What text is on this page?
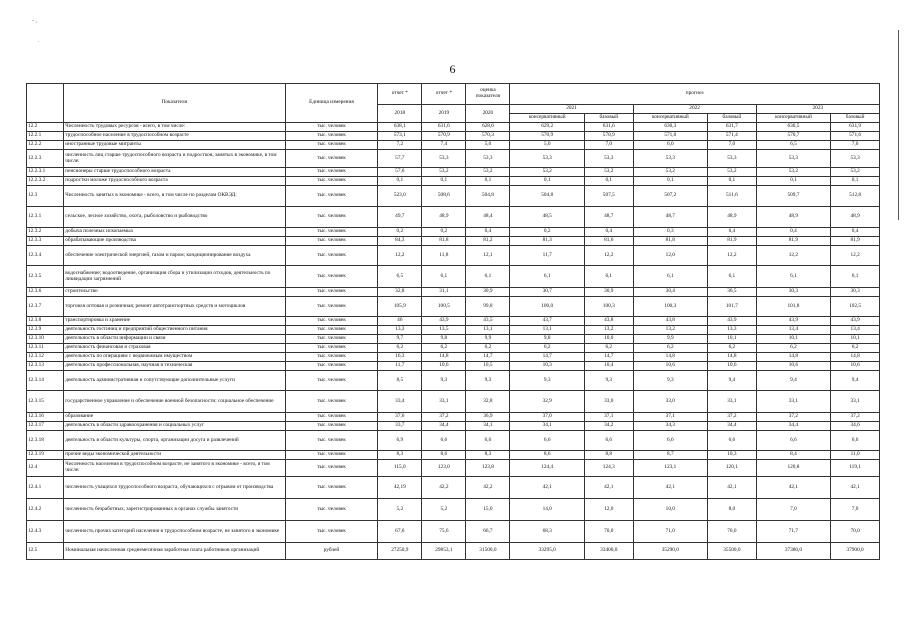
- ,
.
6
	Показатели	Единица измерения	отчет *	отчет *	оценка показателя	прогноз					
			2018	2019	2020	2021		2022		2023	
						консервативный	базовый	консервативный	базовый	консервативный	базовый
12.2	Численность трудовых ресурсов - всего, в том числе:	тыс. человек	638,1	631,6	628,6	629,2	631,6	630,3	631,7	630,5	631,9
12.2.1	трудоспособное население в трудоспособном возрасте	тыс. человек	573,1	570,9	570,3	570,9	570,9	571,0	571,4	570,7	571,6
12.2.2	иностранные трудовые мигранты	тыс. человек	7,2	7,4	5,0	5,0	7,0	6,0	7,0	6,5	7,0
12.2.3	численность лиц старше трудоспособного возраста и подростков, занятых в экономике, в том числе:	тыс. человек	57,7	53,3	53,3	53,3	53,3	53,3	53,3	53,3	53,3
12.2.3.1	пенсионеры старше трудоспособного возраста	тыс. человек	57,6	53,2	53,2	53,2	53,2	53,2	53,2	53,2	53,2
12.2.3.2	подростки моложе трудоспособного возраста	тыс. человек	0,1	0,1	0,1	0,1	0,1	0,1	0,1	0,1	0,1
12.3	Численность занятых в экономике - всего, в том числе по разделам ОКВЭД:	тыс. человек	523,0	508,6	504,8	504,8	507,5	507,2	511,6	509,7	512,8
12.3.1	сельское, лесное хозяйство, охота, рыболовство и рыбоводство	тыс. человек	49,7	48,9	48,4	48,5	48,7	48,7	48,9	48,9	48,9
12.3.2	добыча полезных ископаемых	тыс. человек	0,2	0,2	0,4	0,2	0,4	0,3	0,4	0,4	0,4
12.3.3	обрабатывающие производства	тыс. человек	84,3	81,8	81,2	81,3	81,6	81,8	81,9	81,9	81,9
12.3.4	обеспечение электрической энергией, газом и паром; кондиционирование воздуха	тыс. человек	12,2	11,8	12,1	11,7	12,2	12,0	12,2	12,2	12,2
12.3.5	водоснабжение; водоотведение, организация сбора и утилизации отходов, деятельность по ликвидации загрязнений	тыс. человек	6,5	6,1	6,1	6,1	6,1	6,1	6,1	6,1	6,1
12.3.6	строительство	тыс. человек	32,8	31,1	30,9	30,7	30,9	30,4	30,5	30,3	30,3
12.3.7	торговля оптовая и розничная; ремонт автотранспортных средств и мотоциклов	тыс. человек	105,9	100,5	99,8	100,0	100,3	100,3	101,7	101,8	102,5
12.3.8	транспортировка и хранение	тыс. человек	46	43,9	43,5	43,7	43,8	43,8	43,9	43,9	43,9
12.3.9	деятельность гостиниц и предприятий общественного питания	тыс. человек	13,3	13,5	13,1	13,1	13,2	13,2	13,3	13,4	13,4
12.3.10	деятельность в области информации и связи	тыс. человек	9,7	9,8	9,9	9,8	10,0	9,9	10,1	10,1	10,1
12.3.11	деятельность финансовая и страховая	тыс. человек	6,2	6,2	6,2	6,2	6,2	6,2	6,2	6,2	6,2
12.3.12	деятельность по операциям с недвижимым имуществом	тыс. человек	16,3	14,8	14,7	14,7	14,7	14,8	14,8	14,8	14,8
12.3.13	деятельность профессиональная, научная и техническая	тыс. человек	11,7	10,6	10,5	10,3	10,4	10,6	10,6	10,6	10,6
12.3.14	деятельность административная и сопутствующие дополнительные услуги	тыс. человек	8,5	9,3	9,3	9,3	9,3	9,3	9,4	9,4	9,4
12.3.15	государственное управление и обеспечение военной безопасности; социальное обеспечение	тыс. человек	33,4	33,1	32,8	32,9	33,0	33,0	33,1	33,1	33,1
12.3.16	образование	тыс. человек	37,6	37,2	36,9	37,0	37,1	37,1	37,2	37,2	37,2
12.3.17	деятельность в области здравоохранения и социальных услуг	тыс. человек	33,7	34,4	34,1	34,1	34,2	34,3	34,4	34,4	34,6
12.3.18	деятельность в области культуры, спорта, организации досуга и развлечений	тыс. человек	6,9	6,6	6,6	6,6	6,6	6,6	6,6	6,6	6,6
12.3.19	прочие виды экономической деятельности	тыс. человек	8,3	8,6	8,3	8,6	8,8	8,7	10,3	8,4	11,0
12.4	Численность населения в трудоспособном возрасте, не занятого в экономике - всего, в том числе:	тыс. человек	115,0	123,0	123,8	124,4	124,3	123,1	120,1	120,8	119,1
12.4.1	численность учащихся трудоспособного возраста, обучающихся с отрывом от производства	тыс. человек	42,19	42,2	42,2	42,1	42,1	42,1	42,1	42,1	42,1
12.4.2	численность безработных, зарегистрированных в органах службы занятости	тыс. человек	5,2	5,2	15,0	14,0	12,0	10,0	8,0	7,0	7,0
12.4.3	численность прочих категорий населения в трудоспособном возрасте, не занятого в экономике	тыс. человек	67,6	75,6	66,7	68,3	70,0	71,0	70,0	71,7	70,0
12.5	Номинальная начисленная среднемесячная заработная плата работников организаций	рублей	27250,9	29853,1	31500,0	33295,0	33400,0	35290,0	35500,0	37380,0	37900,0
